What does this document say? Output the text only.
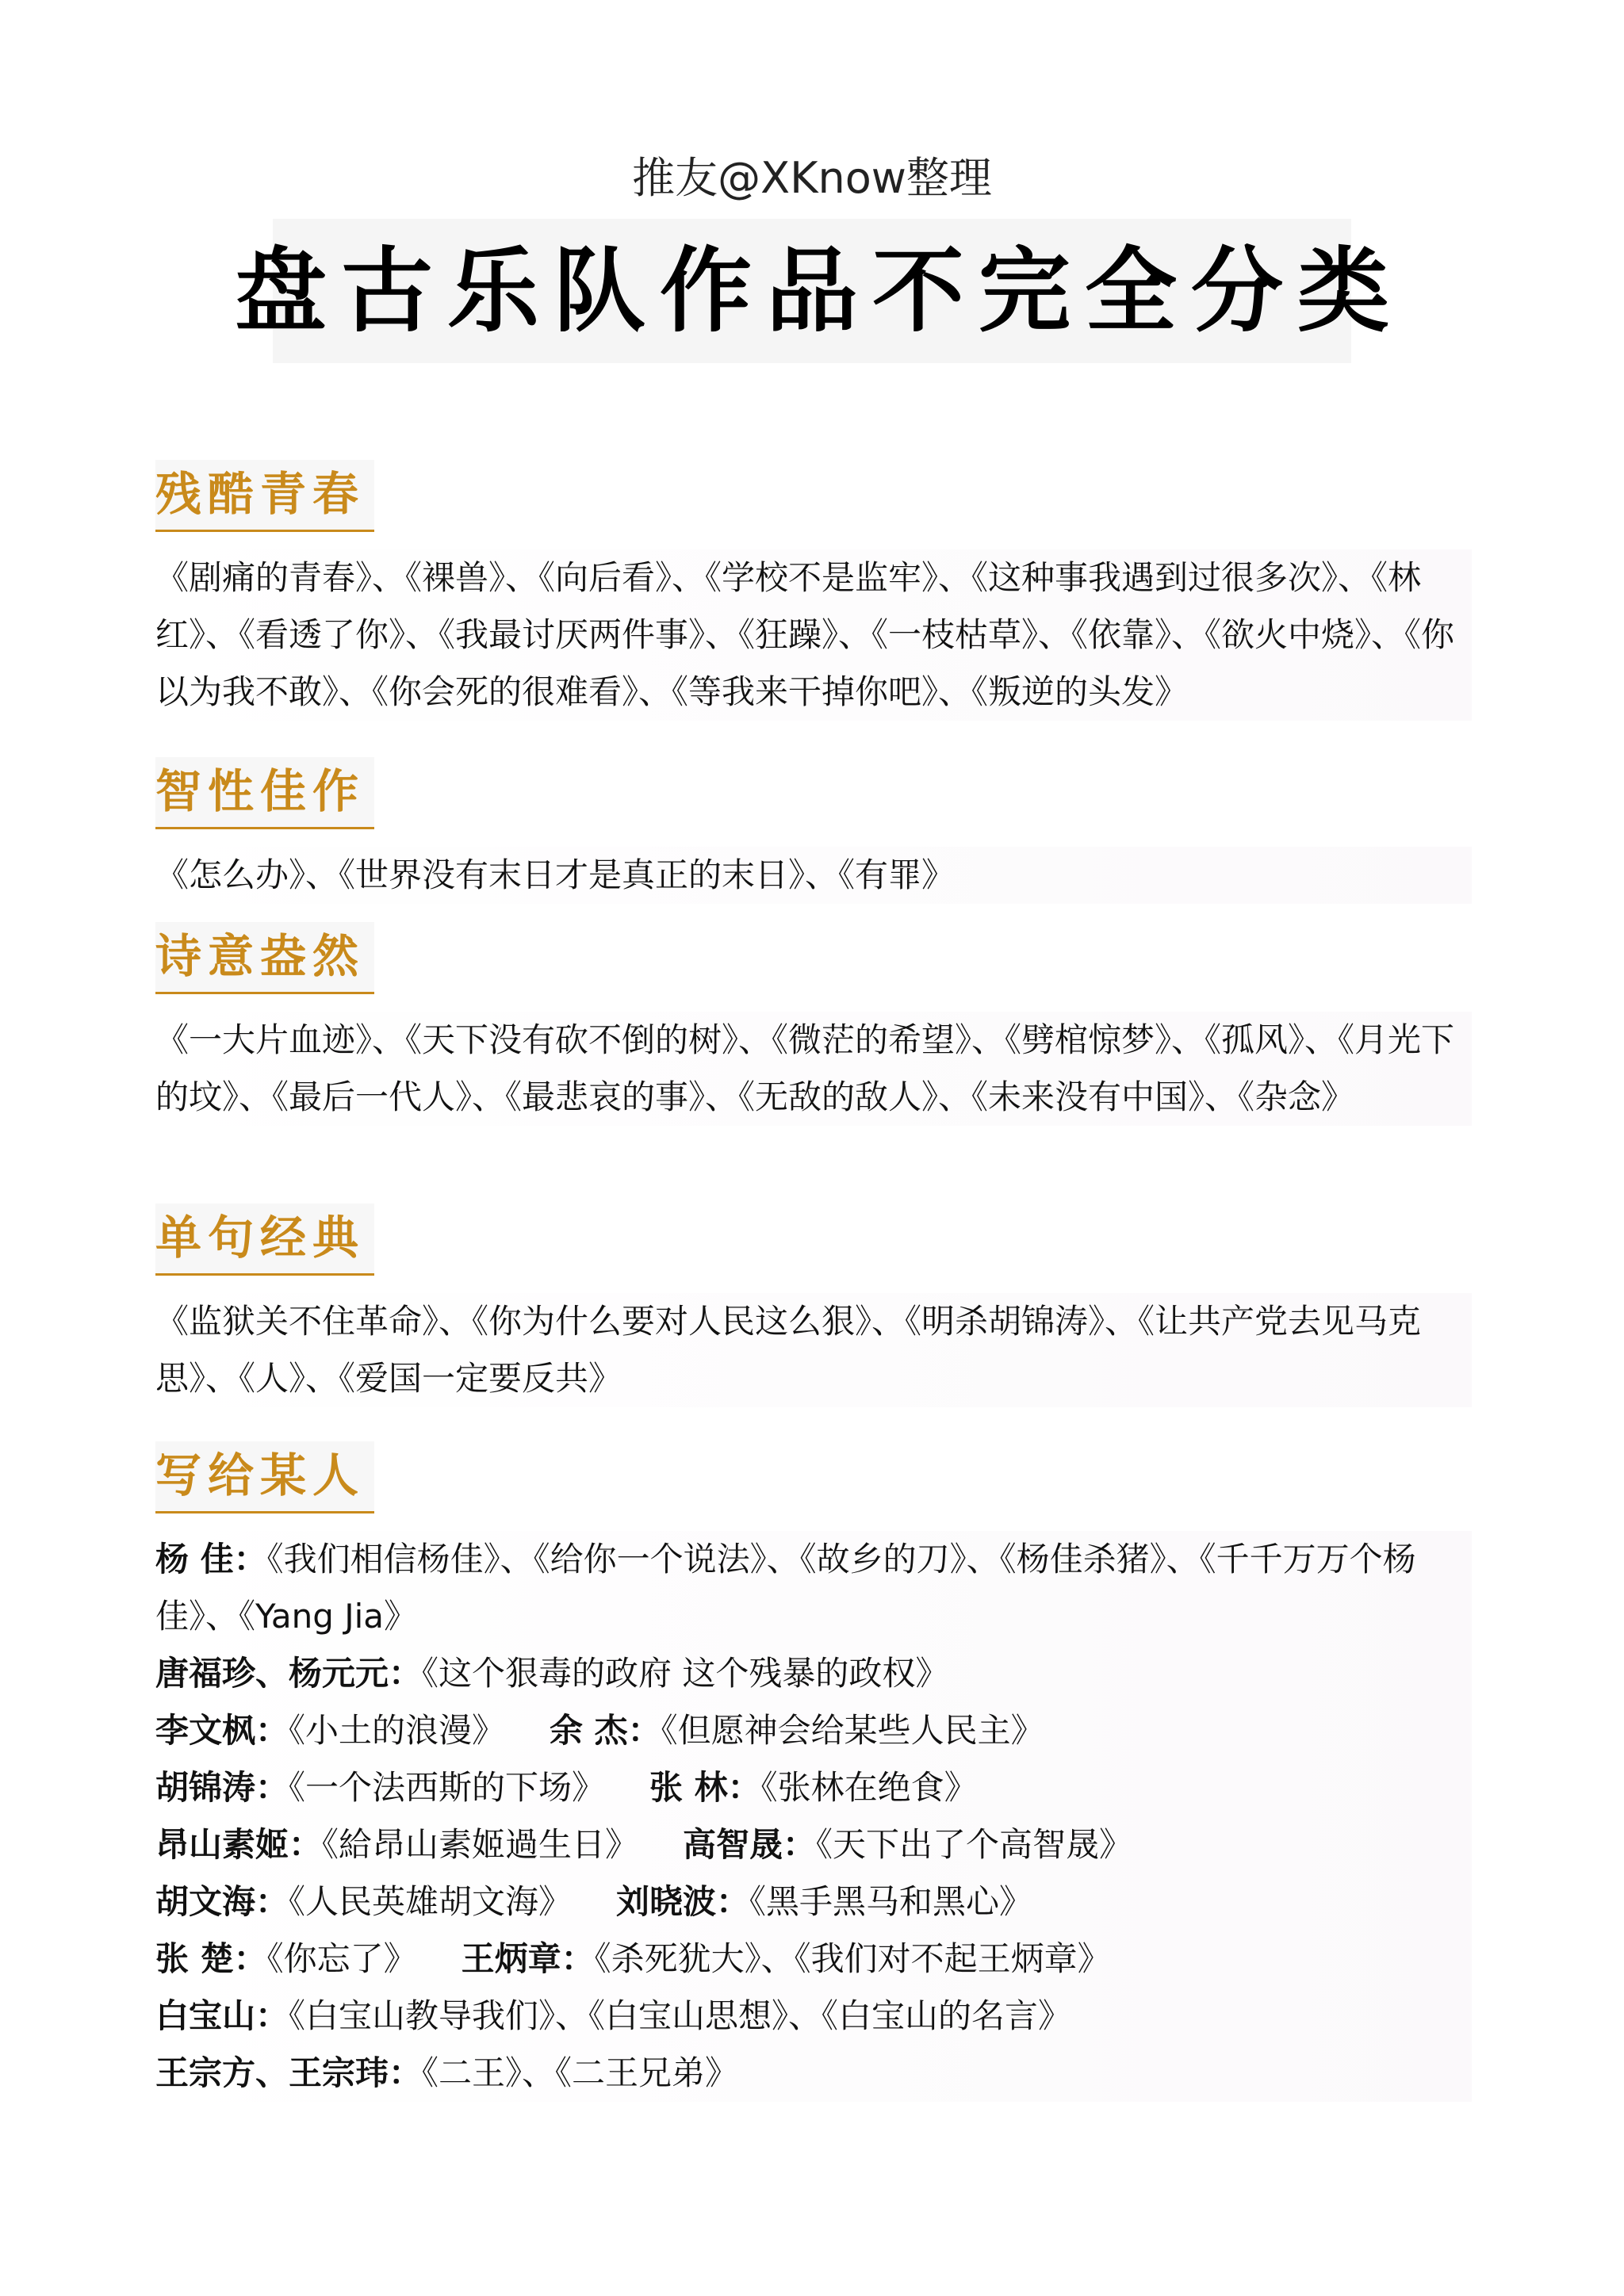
推友@XKnow整理
盘古乐队作品不完全分类
残酷青春
《剧痛的青春》、《裸兽》、《向后看》、《学校不是监牢》、《这种事我遇到过很多次》、《林红》、《看透了你》、《我最讨厌两件事》、《狂躁》、《一枝枯草》、《依靠》、《欲火中烧》、《你以为我不敢》、《你会死的很难看》、《等我来干掉你吧》、《叛逆的头发》
智性佳作
《怎么办》、《世界没有末日才是真正的末日》、《有罪》
诗意盎然
《一大片血迹》、《天下没有砍不倒的树》、《微茫的希望》、《劈棺惊梦》、《孤风》、《月光下的坟》、《最后一代人》、《最悲哀的事》、《无敌的敌人》、《未来没有中国》、《杂念》
单句经典
《监狱关不住革命》、《你为什么要对人民这么狠》、《明杀胡锦涛》、《让共产党去见马克思》、《人》、《爱国一定要反共》
写给某人
杨 佳：《我们相信杨佳》、《给你一个说法》、《故乡的刀》、《杨佳杀猪》、《千千万万个杨佳》、《Yang Jia》
唐福珍、杨元元：《这个狠毒的政府 这个残暴的政权》
李文枫：《小土的浪漫》 余 杰：《但愿神会给某些人民主》
胡锦涛：《一个法西斯的下场》 张 林：《张林在绝食》
昂山素姬：《給昂山素姬過生日》 高智晟：《天下出了个高智晟》
胡文海：《人民英雄胡文海》 刘晓波：《黑手黑马和黑心》
张 楚：《你忘了》 王炳章：《杀死犹大》、《我们对不起王炳章》
白宝山：《白宝山教导我们》、《白宝山思想》、《白宝山的名言》
王宗方、王宗玮：《二王》、《二王兄弟》
